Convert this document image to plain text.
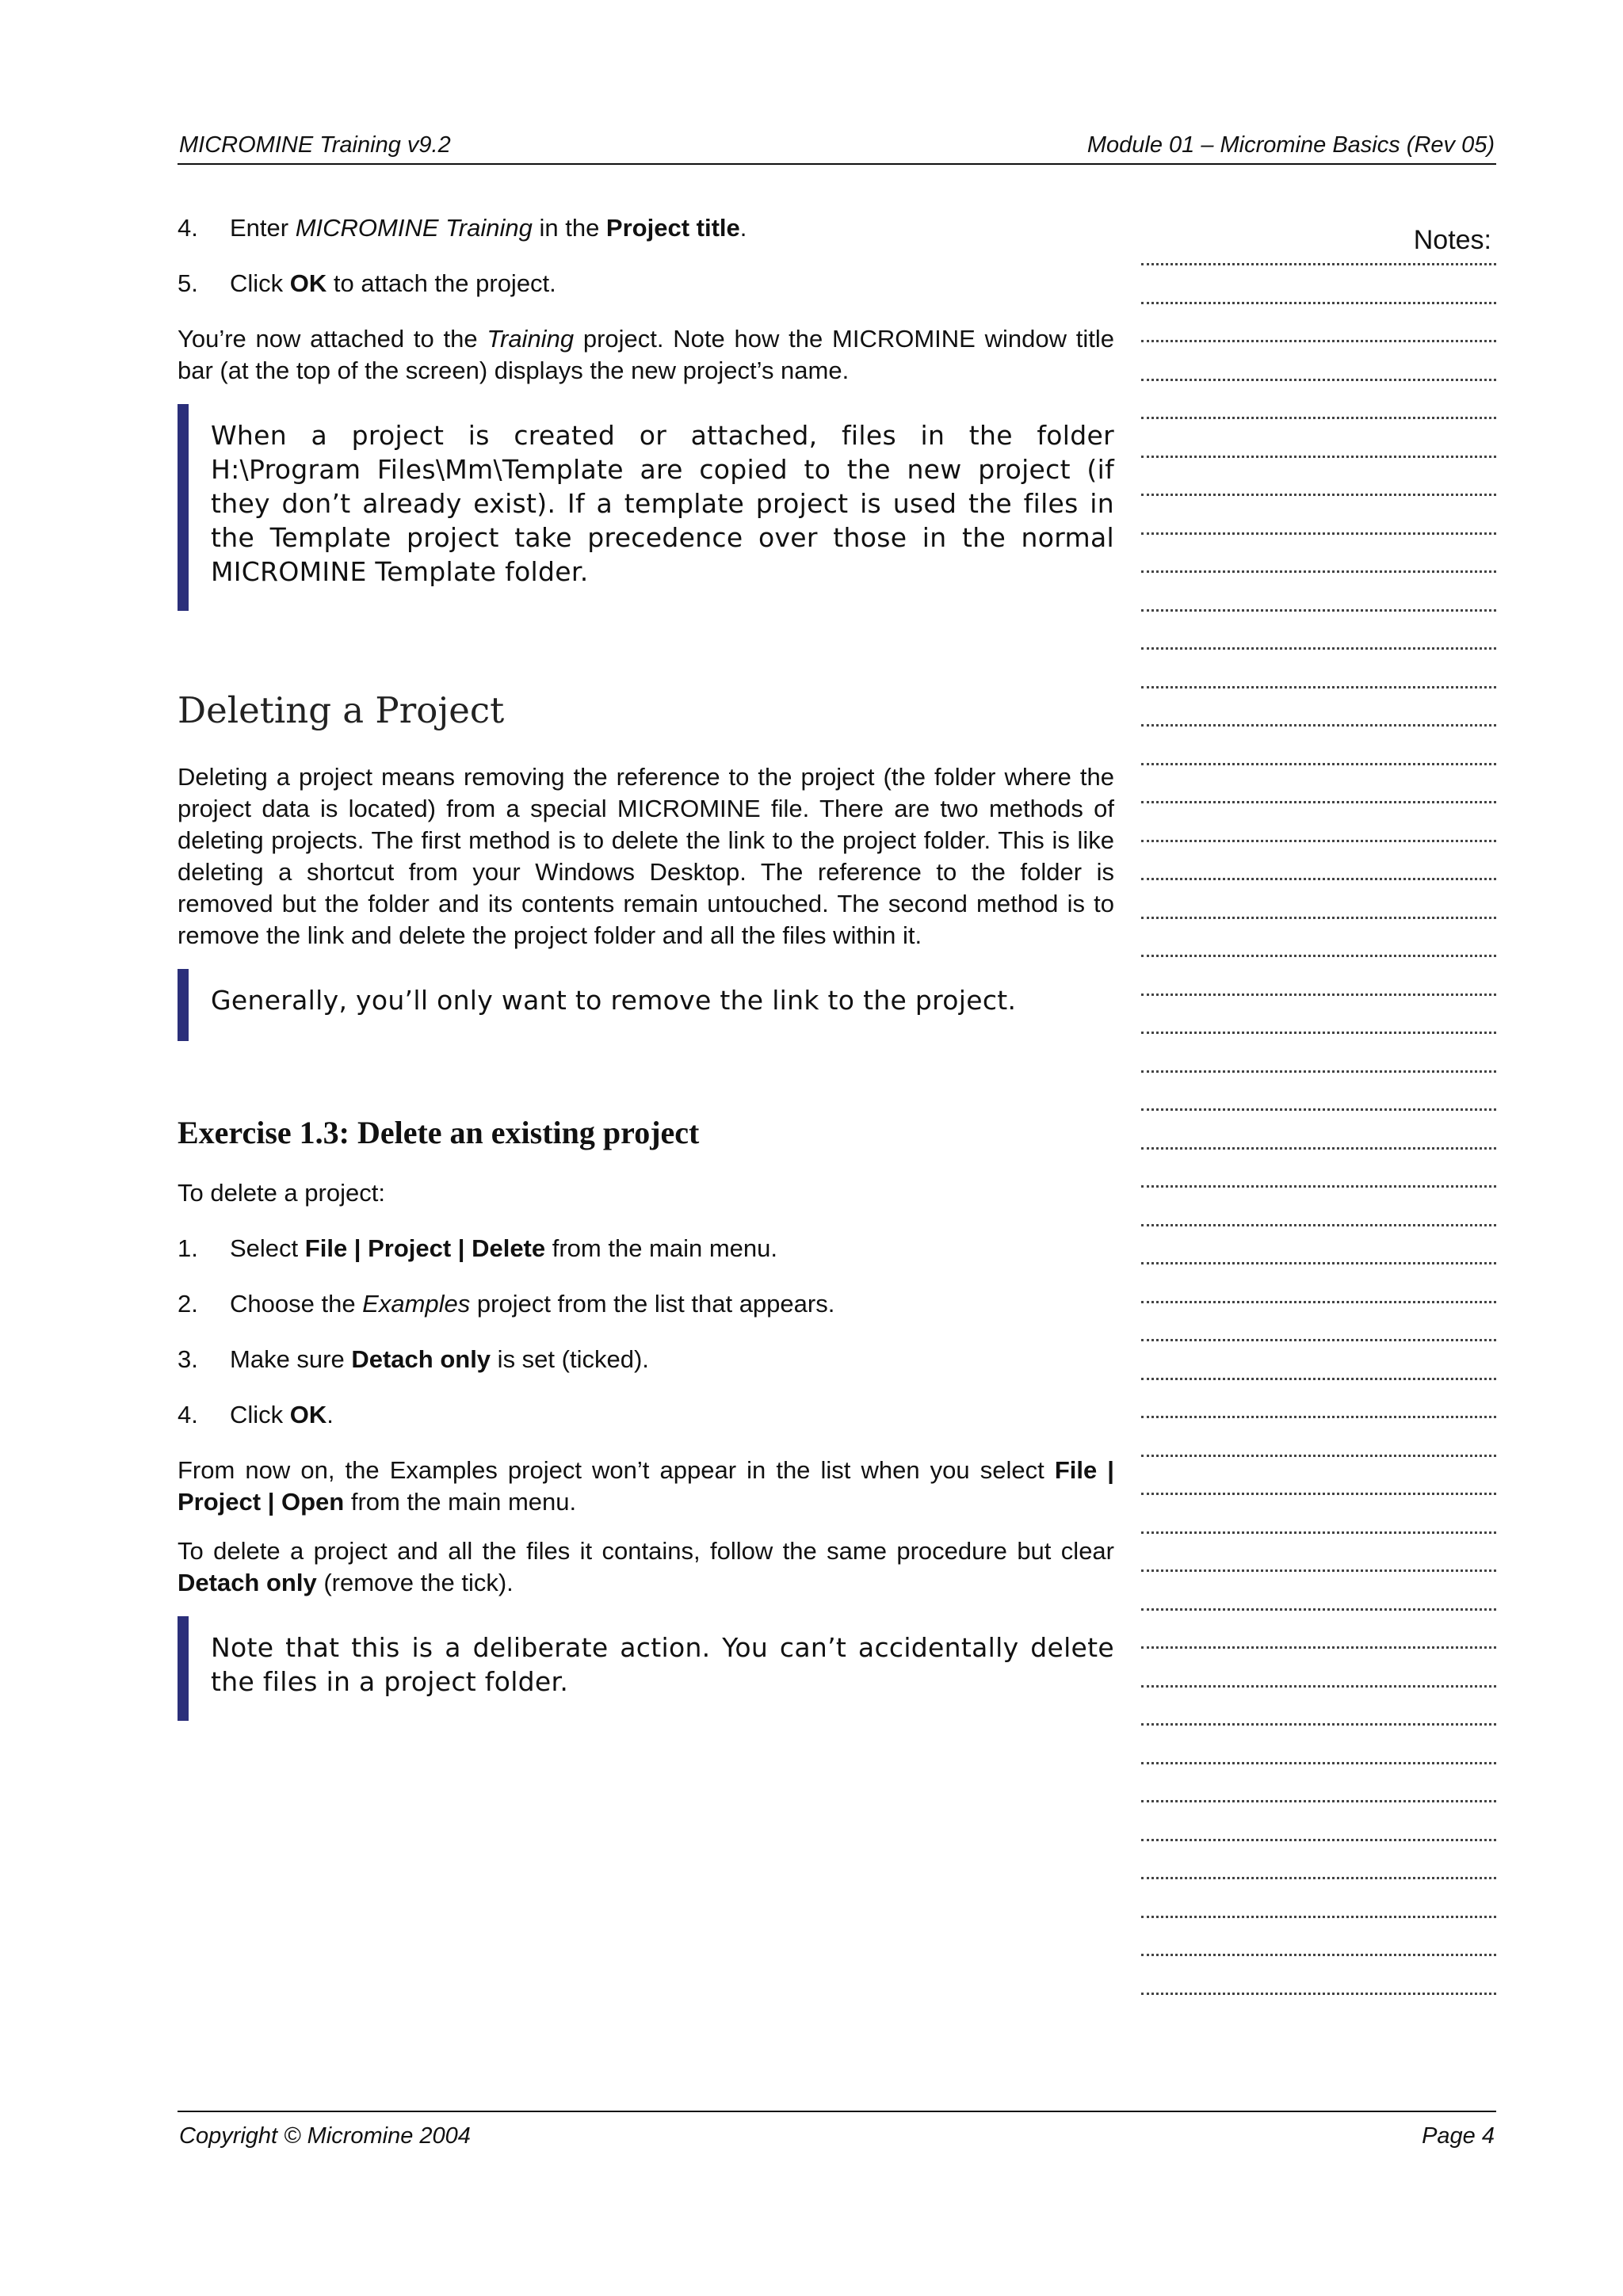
MICROMINE Training v9.2	Module 01 – Micromine Basics (Rev 05)
4.	Enter MICROMINE Training in the Project title.
5.	Click OK to attach the project.

You’re now attached to the Training project. Note how the MICROMINE window title bar (at the top of the screen) displays the new project’s name.

When a project is created or attached, files in the folder H:\Program Files\Mm\Template are copied to the new project (if they don’t already exist). If a template project is used the files in the Template project take precedence over those in the normal MICROMINE Template folder.
Deleting a Project

Deleting a project means removing the reference to the project (the folder where the project data is located) from a special MICROMINE file. There are two methods of deleting projects. The first method is to delete the link to the project folder. This is like deleting a shortcut from your Windows Desktop. The reference to the folder is removed but the folder and its contents remain untouched. The second method is to remove the link and delete the project folder and all the files within it.

Generally, you’ll only want to remove the link to the project.
Exercise 1.3: Delete an existing project

To delete a project:

1.	Select File | Project | Delete from the main menu.
2.	Choose the Examples project from the list that appears.
3.	Make sure Detach only is set (ticked).
4.	Click OK.

From now on, the Examples project won’t appear in the list when you select File | Project | Open from the main menu.

To delete a project and all the files it contains, follow the same procedure but clear Detach only (remove the tick).

Note that this is a deliberate action. You can’t accidentally delete the files in a project folder.
Notes:
Copyright © Micromine 2004	Page 4
